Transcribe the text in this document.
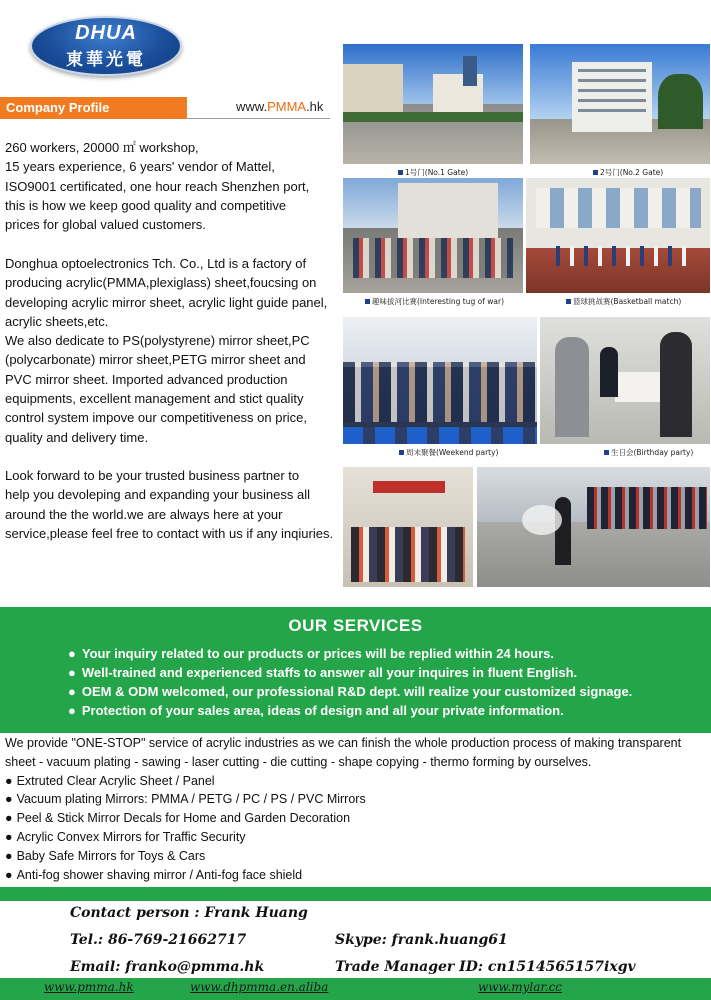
DHUA
東華光電
Company Profile	www.PMMA.hk
260 workers, 20000 ㎡ workshop,
15 years experience, 6 years' vendor of Mattel,
ISO9001 certificated, one hour reach Shenzhen port,
this is how we keep good quality and competitive
prices for global valued customers.
Donghua optoelectronics Tch. Co., Ltd is a factory of
producing acrylic(PMMA,plexiglass) sheet,foucsing on
developing acrylic mirror sheet, acrylic light guide panel,
acrylic sheets,etc.
We also dedicate to PS(polystyrene) mirror sheet,PC
(polycarbonate) mirror sheet,PETG mirror sheet and
PVC mirror sheet. Imported advanced production
equipments, excellent management and stict quality
control system impove our competitiveness on price,
quality and delivery time.
Look forward to be your trusted business partner to
help you devoleping and expanding your business all
around the the world.we are always here at your
service,please feel free to contact with us if any inqiuries.
1号门(No.1 Gate)	2号门(No.2 Gate)
趣味拔河比赛(Interesting tug of war)	篮球挑战赛(Basketball match)
周末聚餐(Weekend party)	生日会(Birthday party)
OUR SERVICES
● Your inquiry related to our products or prices will be replied within 24 hours.
● Well-trained and experienced staffs to answer all your inquires in fluent English.
● OEM & ODM welcomed, our professional R&D dept. will realize your customized signage.
● Protection of your sales area, ideas of design and all your private information.
We provide "ONE-STOP" service of acrylic industries as we can finish the whole production process of making transparent
sheet - vacuum plating - sawing - laser cutting - die cutting - shape copying - thermo forming by ourselves.
● Extruted Clear Acrylic Sheet / Panel
● Vacuum plating Mirrors: PMMA / PETG / PC / PS / PVC Mirrors
● Peel & Stick Mirror Decals for Home and Garden Decoration
● Acrylic Convex Mirrors for Traffic Security
● Baby Safe Mirrors for Toys & Cars
● Anti-fog shower shaving mirror / Anti-fog face shield
Contact person : Frank Huang
Tel.: 86-769-21662717	Skype: frank.huang61
Email: franko@pmma.hk	Trade Manager ID: cn1514565157ixgv
www.pmma.hk	www.dhpmma.en.aliba	www.mylar.cc
